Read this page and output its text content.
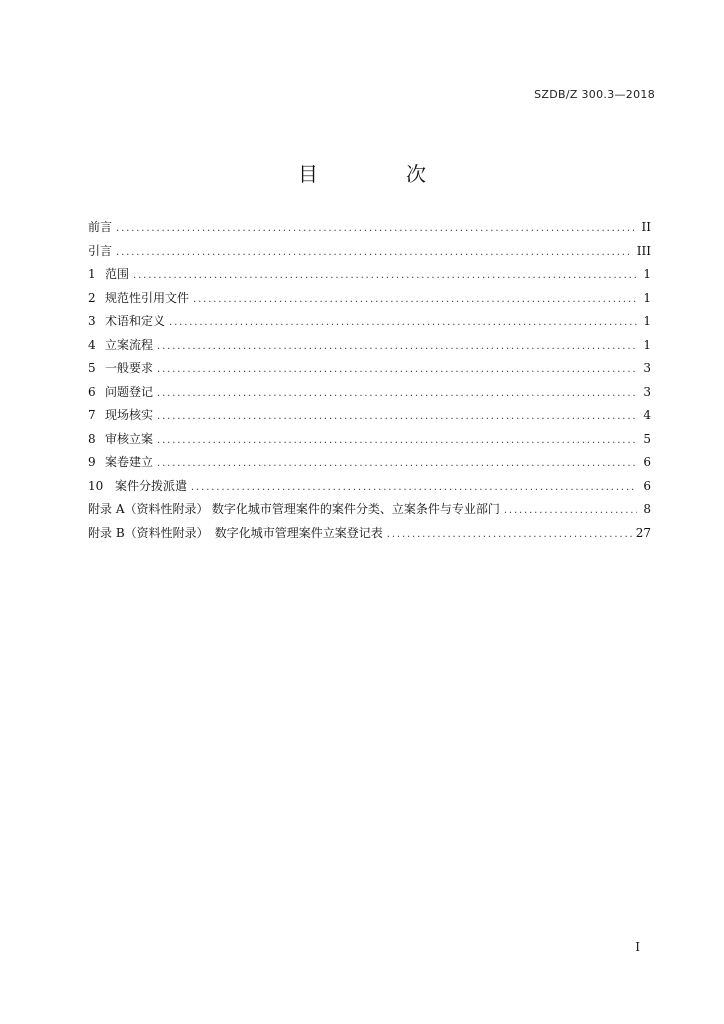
SZDB/Z 300.3—2018
目　次
前言 . . .	II
引言 . . .	III
1 范围 . . .	1
2 规范性引用文件 . . .	1
3 术语和定义 . . .	1
4 立案流程 . . .	1
5 一般要求 . . .	3
6 问题登记 . . .	3
7 现场核实 . . .	4
8 审核立案 . . .	5
9 案卷建立 . . .	6
10 案件分拨派遣 . . .	6
附录 A（资料性附录） 数字化城市管理案件的案件分类、立案条件与专业部门 . . .	8
附录 B（资料性附录） 数字化城市管理案件立案登记表 . . .	27
I
